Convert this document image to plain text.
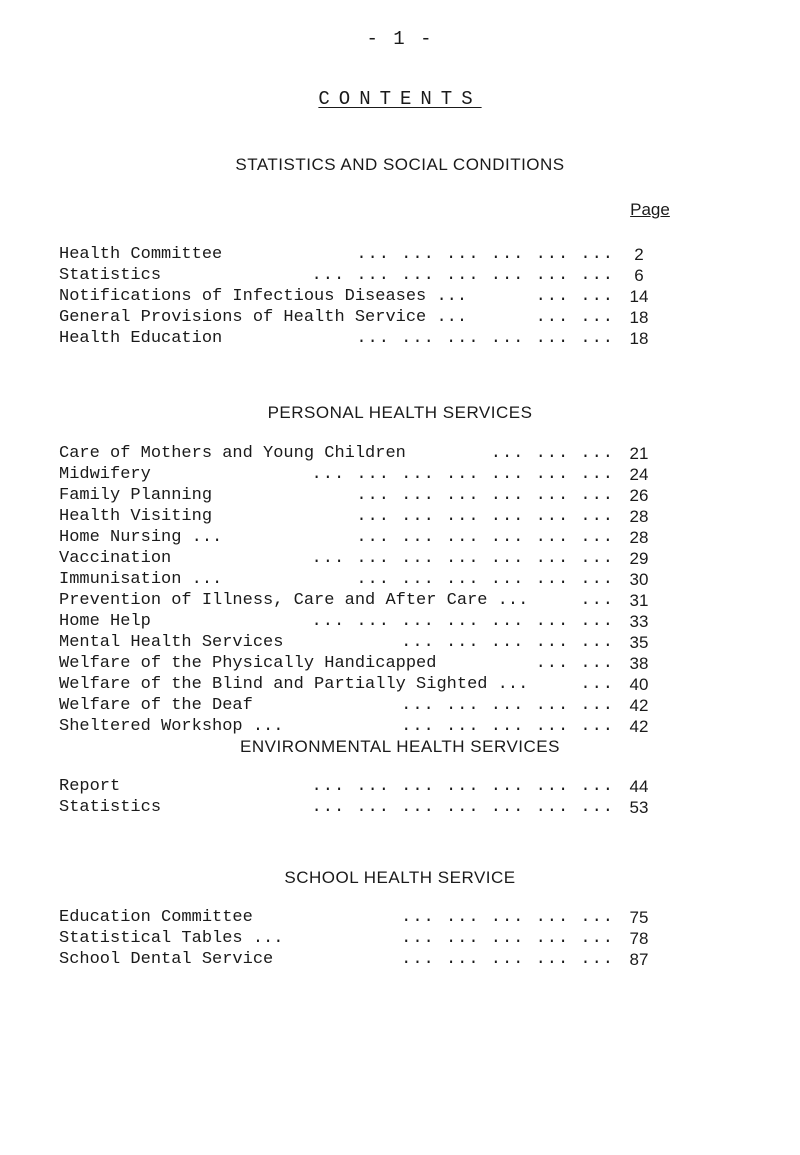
- 1 -
CONTENTS
STATISTICS AND SOCIAL CONDITIONS
Page
Health Committee	... ... ... ... ... ...	2
Statistics	... ... ... ... ... ... ...	6
Notifications of Infectious Diseases ...	... ... 14
General Provisions of Health Service ...	... ... 18
Health Education	... ... ... ... ... ... 18
PERSONAL HEALTH SERVICES
Care of Mothers and Young Children	... ... ... 21
Midwifery	... ... ... ... ... ... ... 24
Family Planning	... ... ... ... ... ... 26
Health Visiting	... ... ... ... ... ... 28
Home Nursing ...	... ... ... ... ... ... 28
Vaccination	... ... ... ... ... ... ... 29
Immunisation ...	... ... ... ... ... ... 30
Prevention of Illness, Care and After Care ...	... 31
Home Help	... ... ... ... ... ... ... 33
Mental Health Services	... ... ... ... ... 35
Welfare of the Physically Handicapped	... ... 38
Welfare of the Blind and Partially Sighted ...	... 40
Welfare of the Deaf	... ... ... ... ... 42
Sheltered Workshop ...	... ... ... ... ... 42
ENVIRONMENTAL HEALTH SERVICES
Report	... ... ... ... ... ... ... 44
Statistics	... ... ... ... ... ... ... 53
SCHOOL HEALTH SERVICE
Education Committee	... ... ... ... ... 75
Statistical Tables ...	... ... ... ... ... 78
School Dental Service	... ... ... ... ... 87
